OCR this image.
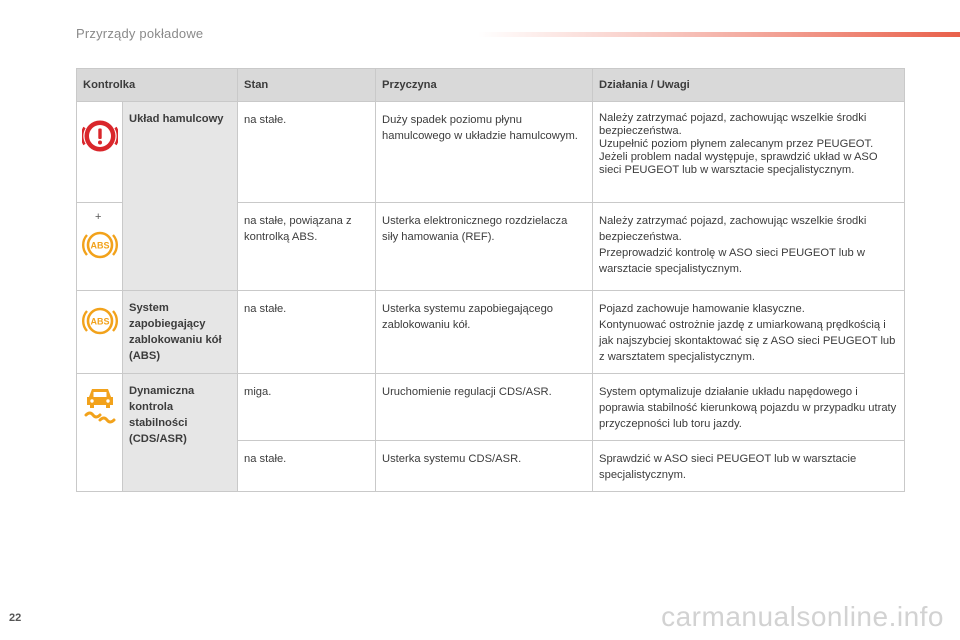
Przyrządy pokładowe
Kontrolka		Stan	Przyczyna	Działania / Uwagi
	Układ hamulcowy	na stałe.	Duży spadek poziomu płynu hamulcowego w układzie hamulcowym.	Należy zatrzymać pojazd, zachowując wszelkie środki bezpieczeństwa.
Uzupełnić poziom płynem zalecanym przez PEUGEOT.
Jeżeli problem nadal występuje, sprawdzić układ w ASO sieci PEUGEOT lub w warsztacie specjalistycznym.

+
ABS		na stałe, powiązana z kontrolką ABS.	Usterka elektronicznego rozdzielacza siły hamowania (REF).	Należy zatrzymać pojazd, zachowując wszelkie środki bezpieczeństwa.
Przeprowadzić kontrolę w ASO sieci PEUGEOT lub w warsztacie specjalistycznym.

ABS	System zapobiegający zablokowaniu kół (ABS)	na stałe.	Usterka systemu zapobiegającego zablokowaniu kół.	Pojazd zachowuje hamowanie klasyczne.
Kontynuować ostrożnie jazdę z umiarkowaną prędkością i jak najszybciej skontaktować się z ASO sieci PEUGEOT lub z warsztatem specjalistycznym.

	Dynamiczna kontrola stabilności (CDS/ASR)	miga.	Uruchomienie regulacji CDS/ASR.	System optymalizuje działanie układu napędowego i poprawia stabilność kierunkową pojazdu w przypadku utraty przyczepności lub toru jazdy.

		na stałe.	Usterka systemu CDS/ASR.	Sprawdzić w ASO sieci PEUGEOT lub w warsztacie specjalistycznym.
22	carmanualsonline.info
